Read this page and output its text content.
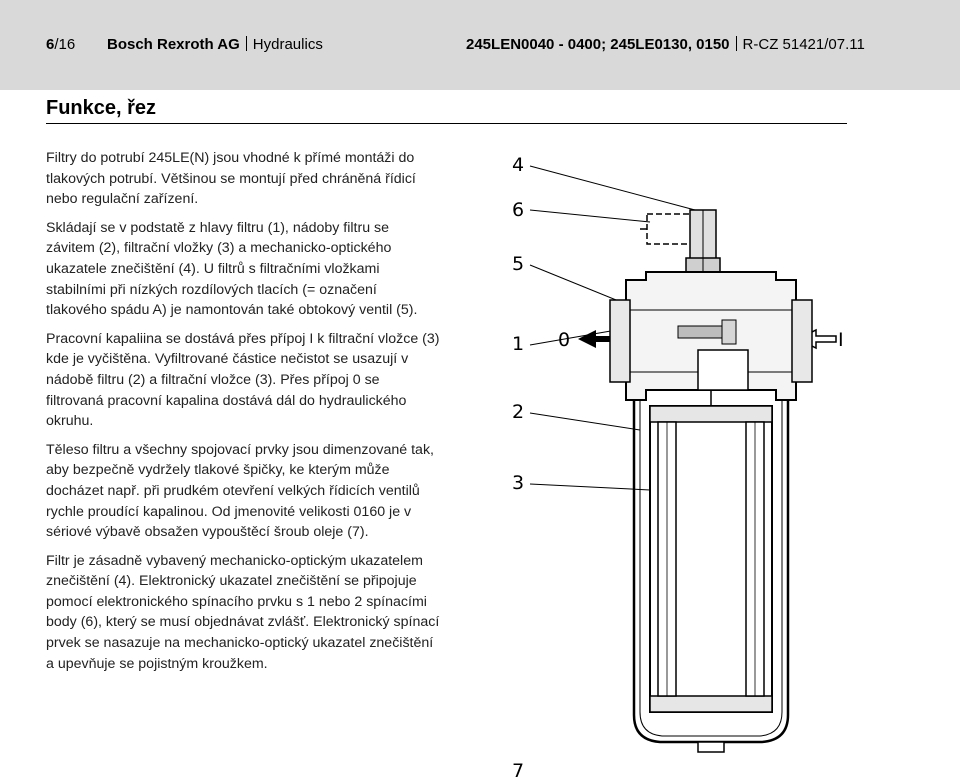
6/16 Bosch Rexroth AG Hydraulics	245LEN0040 - 0400; 245LE0130, 0150 R-CZ 51421/07.11
Funkce, řez

Filtry do potrubí 245LE(N) jsou vhodné k přímé montáži do tlakových potrubí. Většinou se montují před chráněná řídicí nebo regulační zařízení.

Skládají se v podstatě z hlavy filtru (1), nádoby filtru se závitem (2), filtrační vložky (3) a mechanicko-optického ukazatele znečištění (4). U filtrů s filtračními vložkami stabilními při nízkých rozdílových tlacích (= označení tlakového spádu A) je namontován také obtokový ventil (5).

Pracovní kapaliina se dostává přes přípoj I k filtrační vložce (3) kde je vyčištěna. Vyfiltrované částice nečistot se usazují v nádobě filtru (2) a filtrační vložce (3). Přes přípoj 0 se filtrovaná pracovní kapalina dostává dál do hydraulického okruhu.

Těleso filtru a všechny spojovací prvky jsou dimenzované tak, aby bezpečně vydržely tlakové špičky, ke kterým může docházet např. při prudkém otevření velkých řídicích ventilů rychle proudící kapalinou. Od jmenovité velikosti 0160 je v sériové výbavě obsažen vypouštěcí šroub oleje (7).

Filtr je zásadně vybavený mechanicko-optickým ukazatelem znečištění (4). Elektronický ukazatel znečištění se připojuje pomocí elektronického spínacího prvku s 1 nebo 2 spínacími body (6), který se musí objednávat zvlášť. Elektronický spínací prvek se nasazuje na mechanicko-optický ukazatel znečištění a upevňuje se pojistným kroužkem.

4
6
5
1
2
3
7
0	I
